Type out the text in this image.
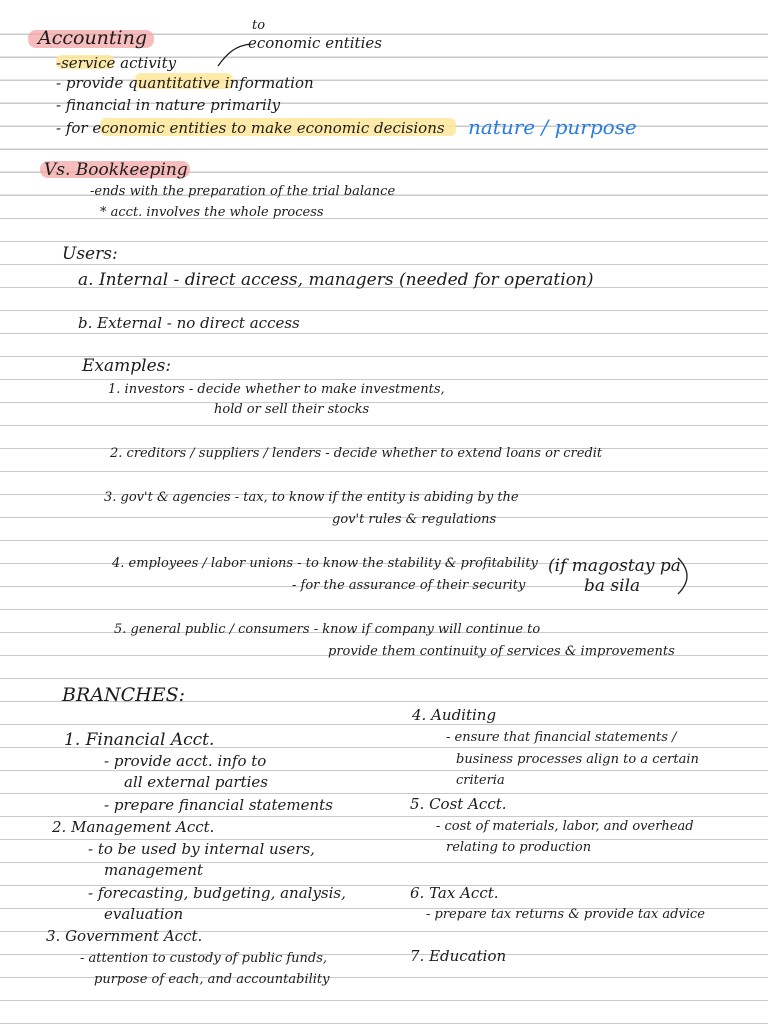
Accounting
to
economic entities
-service activity
- provide quantitative information
- financial in nature primarily
- for economic entities to make economic decisions nature / purpose
Vs. Bookkeeping
-ends with the preparation of the trial balance
* acct. involves the whole process
Users:
a. Internal - direct access, managers (needed for operation)
b. External - no direct access
Examples:
1. investors - decide whether to make investments,
hold or sell their stocks
2. creditors / suppliers / lenders - decide whether to extend loans or credit
3. gov't & agencies - tax, to know if the entity is abiding by the
gov't rules & regulations
4. employees / labor unions - to know the stability & profitability
- for the assurance of their security
(if magostay pa
ba sila
5. general public / consumers - know if company will continue to
provide them continuity of services & improvements
BRANCHES:
1. Financial Acct.
- provide acct. info to
all external parties
- prepare financial statements
2. Management Acct.
- to be used by internal users,
management
- forecasting, budgeting, analysis,
evaluation
3. Government Acct.
- attention to custody of public funds,
purpose of each, and accountability
4. Auditing
- ensure that financial statements /
business processes align to a certain
criteria
5. Cost Acct.
- cost of materials, labor, and overhead
relating to production
6. Tax Acct.
- prepare tax returns & provide tax advice
7. Education
